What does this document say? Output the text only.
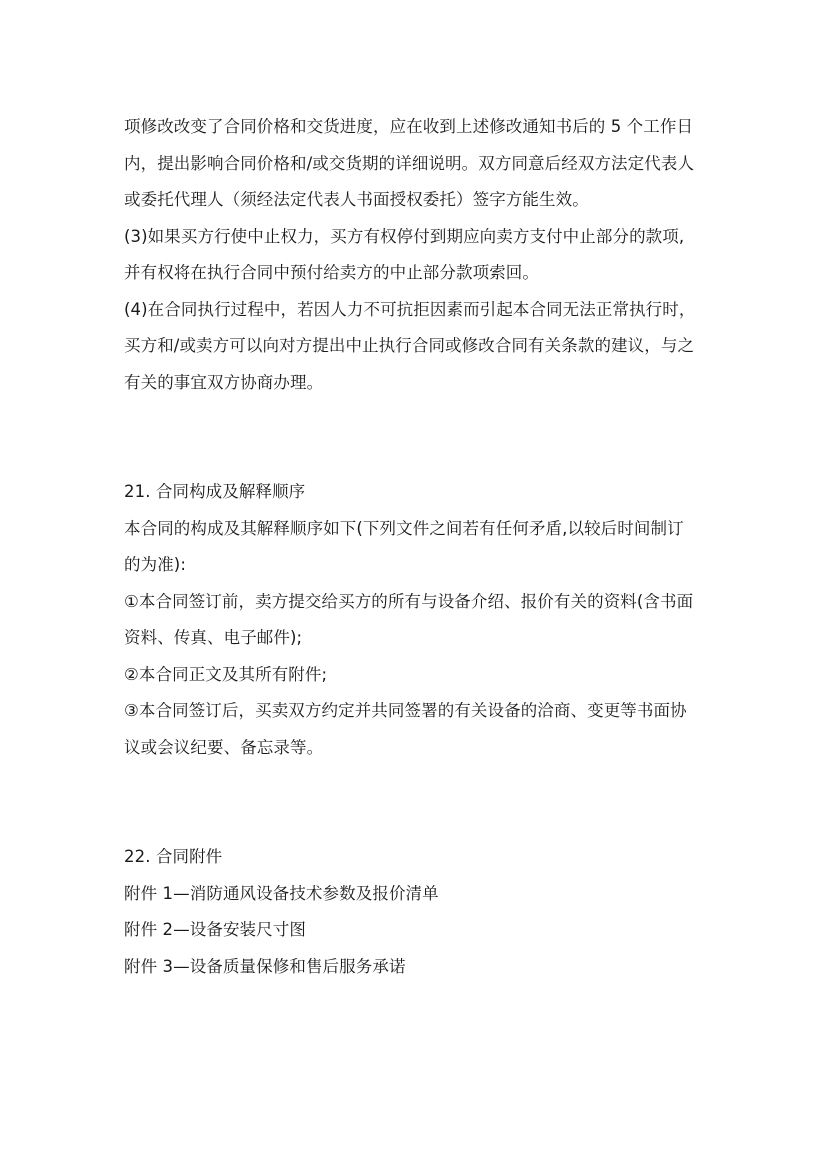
项修改改变了合同价格和交货进度，应在收到上述修改通知书后的 5 个工作日
内，提出影响合同价格和/或交货期的详细说明。双方同意后经双方法定代表人
或委托代理人（须经法定代表人书面授权委托）签字方能生效。
(3)如果买方行使中止权力，买方有权停付到期应向卖方支付中止部分的款项,
并有权将在执行合同中预付给卖方的中止部分款项索回。
(4)在合同执行过程中，若因人力不可抗拒因素而引起本合同无法正常执行时，
买方和/或卖方可以向对方提出中止执行合同或修改合同有关条款的建议，与之
有关的事宜双方协商办理。
21. 合同构成及解释顺序
本合同的构成及其解释顺序如下(下列文件之间若有任何矛盾,以较后时间制订
的为准):
①本合同签订前，卖方提交给买方的所有与设备介绍、报价有关的资料(含书面
资料、传真、电子邮件);
②本合同正文及其所有附件;
③本合同签订后，买卖双方约定并共同签署的有关设备的洽商、变更等书面协
议或会议纪要、备忘录等。
22. 合同附件
附件 1—消防通风设备技术参数及报价清单
附件 2—设备安装尺寸图
附件 3—设备质量保修和售后服务承诺
